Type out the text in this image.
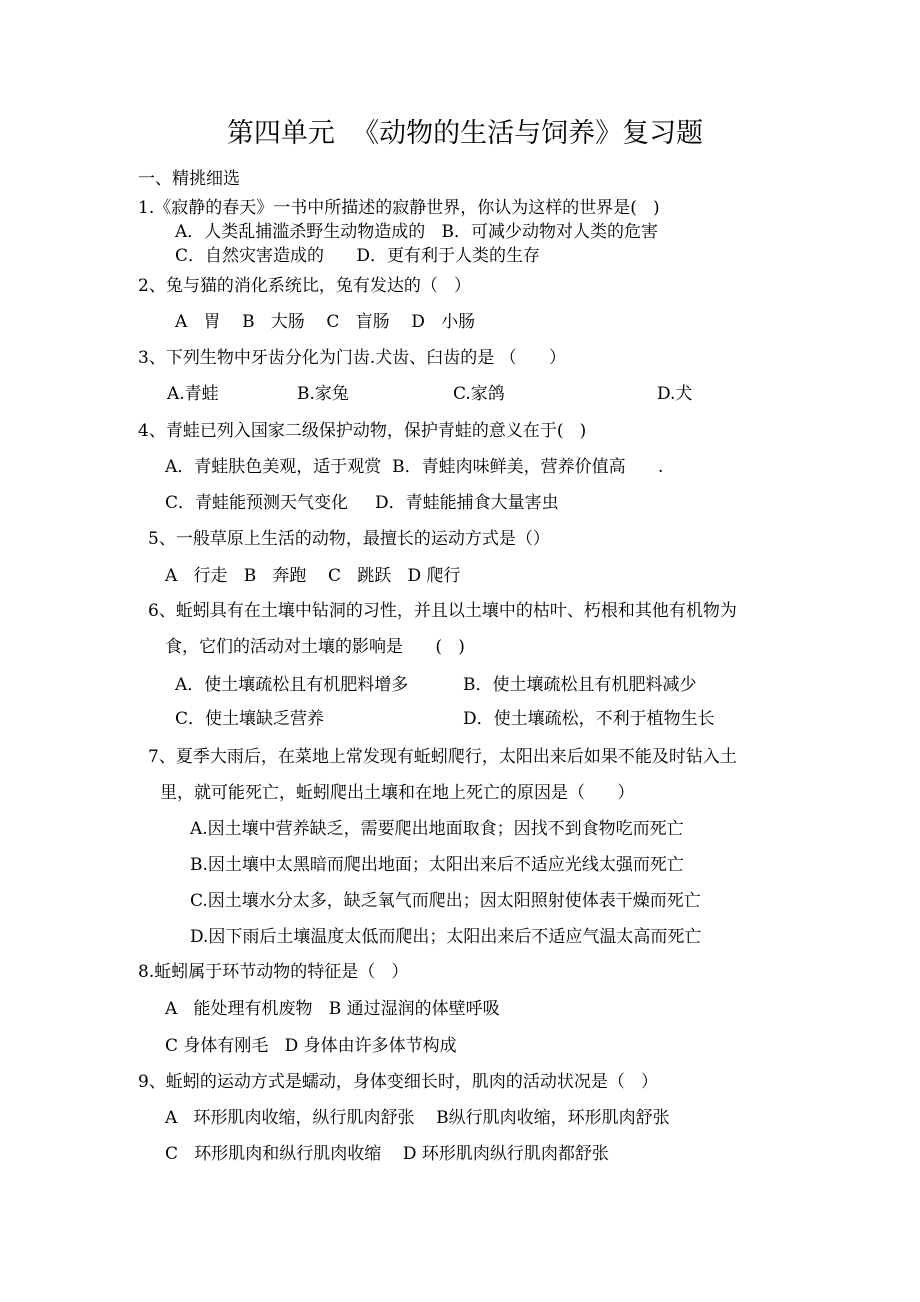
第四单元  《动物的生活与饲养》复习题
一、精挑细选
1.《寂静的春天》一书中所描述的寂静世界，你认为这样的世界是(   )
A．人类乱捕滥杀野生动物造成的   B．可减少动物对人类的危害
C．自然灾害造成的      D．更有利于人类的生存
2、兔与猫的消化系统比，兔有发达的（   ）
A   胃    B   大肠    C   盲肠    D   小肠
3、下列生物中牙齿分化为门齿.犬齿、臼齿的是 （      ）
A.青蛙	B.家兔	C.家鸽	D.犬
4、青蛙已列入国家二级保护动物，保护青蛙的意义在于(   )
A．青蛙肤色美观，适于观赏  B．青蛙肉味鲜美，营养价值高      .
C．青蛙能预测天气变化     D．青蛙能捕食大量害虫
5、一般草原上生活的动物，最擅长的运动方式是（）
A   行走   B   奔跑    C   跳跃   D 爬行
6、蚯蚓具有在土壤中钻洞的习性，并且以土壤中的枯叶、朽根和其他有机物为
食，它们的活动对土壤的影响是      (   )
A．使土壤疏松且有机肥料增多	B．使土壤疏松且有机肥料减少
C．使土壤缺乏营养	D．使土壤疏松，不利于植物生长
7、夏季大雨后，在菜地上常发现有蚯蚓爬行，太阳出来后如果不能及时钻入土
里，就可能死亡，蚯蚓爬出土壤和在地上死亡的原因是（      ）
A.因土壤中营养缺乏，需要爬出地面取食；因找不到食物吃而死亡
B.因土壤中太黑暗而爬出地面；太阳出来后不适应光线太强而死亡
C.因土壤水分太多，缺乏氧气而爬出；因太阳照射使体表干燥而死亡
D.因下雨后土壤温度太低而爬出；太阳出来后不适应气温太高而死亡
8.蚯蚓属于环节动物的特征是（   ）
A   能处理有机废物   B 通过湿润的体壁呼吸
C 身体有刚毛   D 身体由许多体节构成
9、蚯蚓的运动方式是蠕动，身体变细长时，肌肉的活动状况是（   ）
A   环形肌肉收缩，纵行肌肉舒张    B纵行肌肉收缩，环形肌肉舒张
C   环形肌肉和纵行肌肉收缩    D 环形肌肉纵行肌肉都舒张
